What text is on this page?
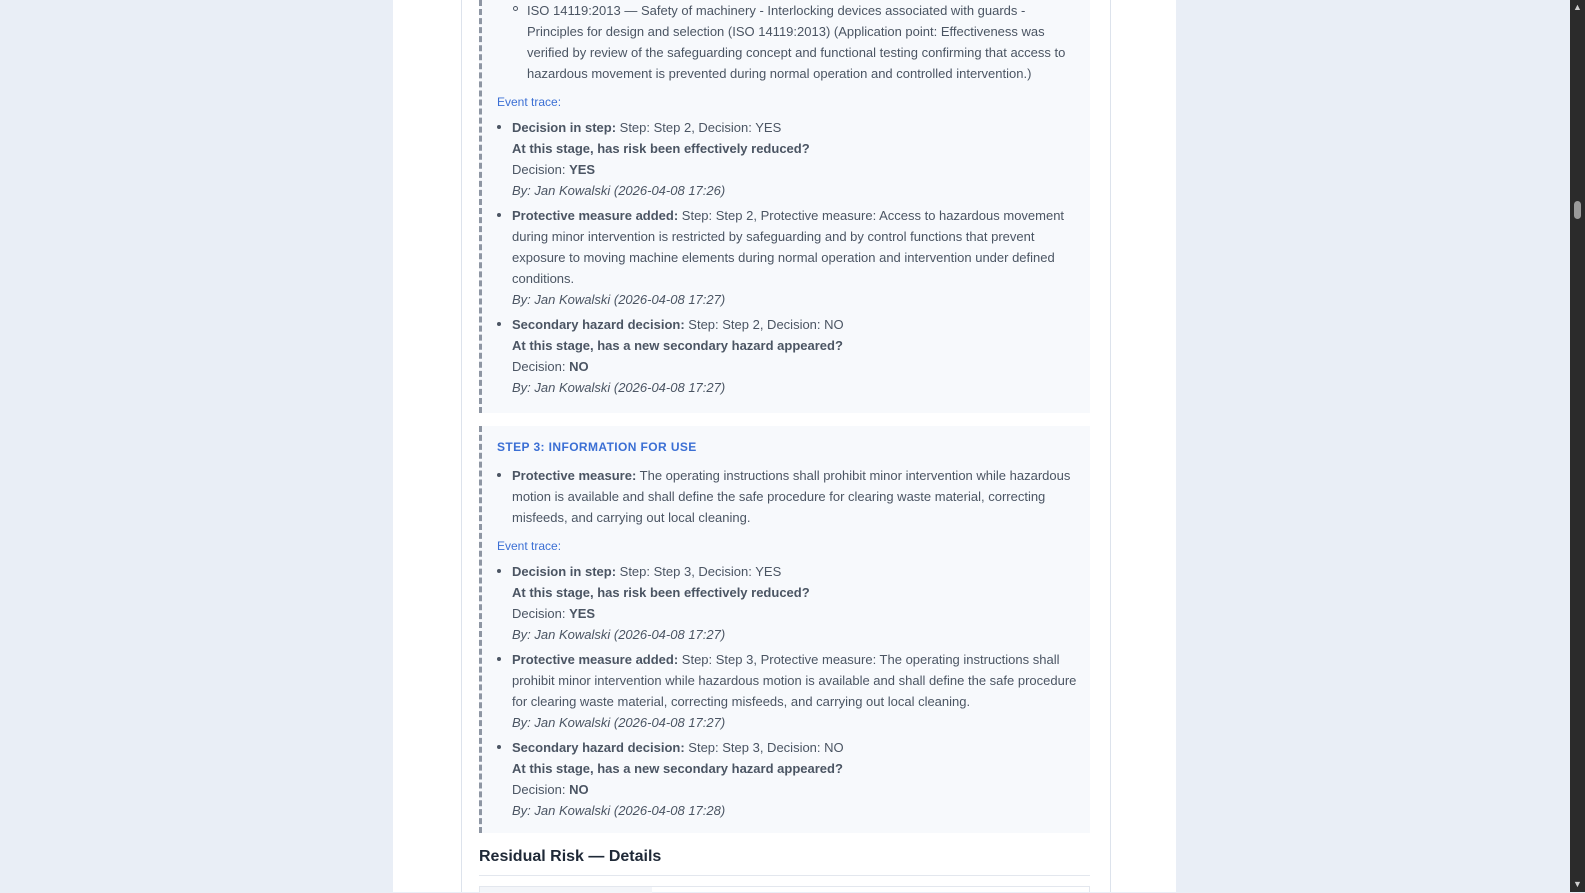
ISO 14119:2013 — Safety of machinery - Interlocking devices associated with guards - Principles for design and selection (ISO 14119:2013) (Application point: Effectiveness was verified by review of the safeguarding concept and functional testing confirming that access to hazardous movement is prevented during normal operation and controlled intervention.)
Event trace:
Decision in step: Step: Step 2, Decision: YES
At this stage, has risk been effectively reduced?
Decision: YES
By: Jan Kowalski (2026-04-08 17:26)
Protective measure added: Step: Step 2, Protective measure: Access to hazardous movement during minor intervention is restricted by safeguarding and by control functions that prevent exposure to moving machine elements during normal operation and intervention under defined conditions.
By: Jan Kowalski (2026-04-08 17:27)
Secondary hazard decision: Step: Step 2, Decision: NO
At this stage, has a new secondary hazard appeared?
Decision: NO
By: Jan Kowalski (2026-04-08 17:27)
STEP 3: INFORMATION FOR USE
Protective measure: The operating instructions shall prohibit minor intervention while hazardous motion is available and shall define the safe procedure for clearing waste material, correcting misfeeds, and carrying out local cleaning.
Event trace:
Decision in step: Step: Step 3, Decision: YES
At this stage, has risk been effectively reduced?
Decision: YES
By: Jan Kowalski (2026-04-08 17:27)
Protective measure added: Step: Step 3, Protective measure: The operating instructions shall prohibit minor intervention while hazardous motion is available and shall define the safe procedure for clearing waste material, correcting misfeeds, and carrying out local cleaning.
By: Jan Kowalski (2026-04-08 17:27)
Secondary hazard decision: Step: Step 3, Decision: NO
At this stage, has a new secondary hazard appeared?
Decision: NO
By: Jan Kowalski (2026-04-08 17:28)
Residual Risk — Details
▲
▼
